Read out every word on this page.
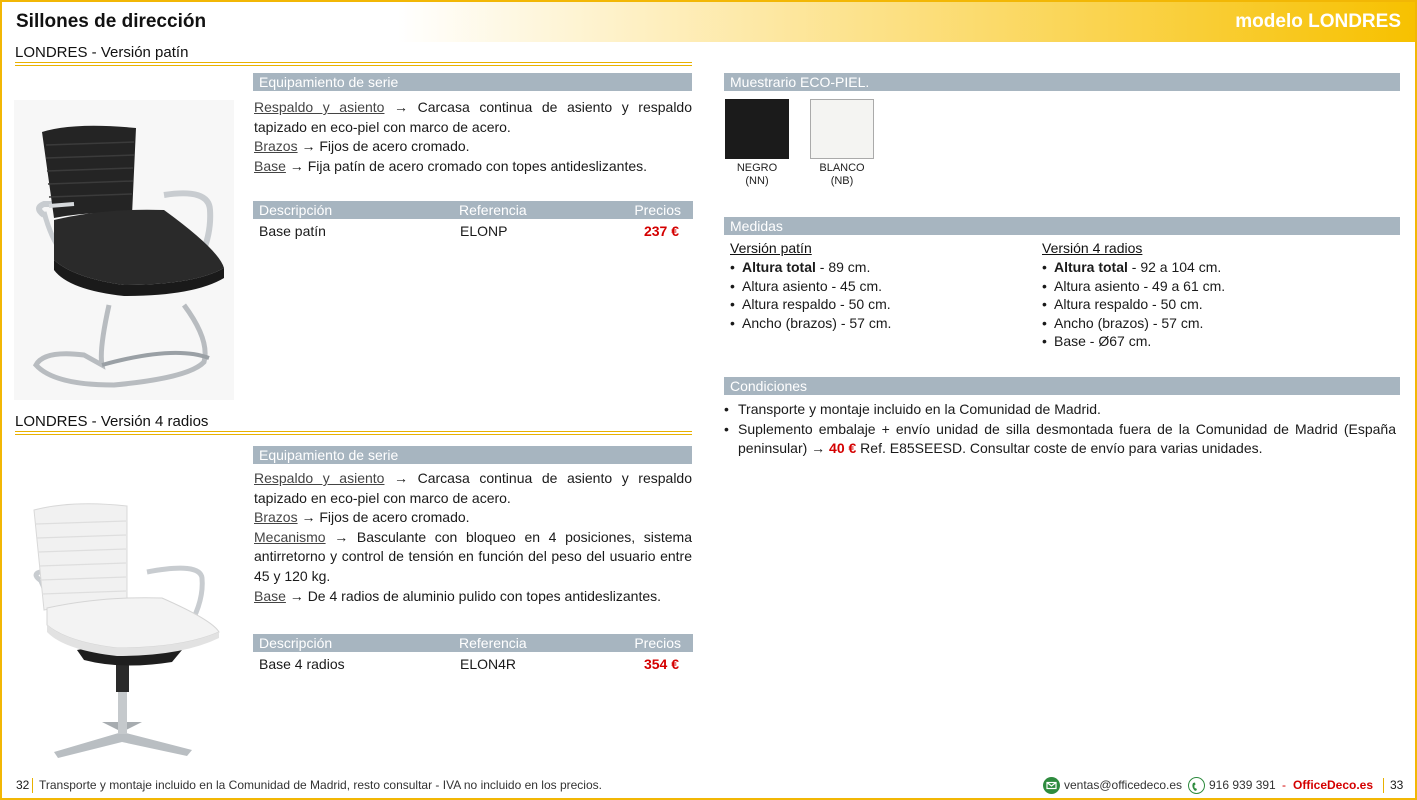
Sillones de dirección	modelo LONDRES
LONDRES - Versión patín
Equipamiento de serie
Respaldo y asiento → Carcasa continua de asiento y respaldo tapizado en eco-piel con marco de acero.
Brazos → Fijos de acero cromado.
Base → Fija patín de acero cromado con topes antideslizantes.
Descripción	Referencia	Precios
Base patín	ELONP	237 €
LONDRES - Versión 4 radios
Equipamiento de serie
Respaldo y asiento → Carcasa continua de asiento y respaldo tapizado en eco-piel con marco de acero.
Brazos → Fijos de acero cromado.
Mecanismo → Basculante con bloqueo en 4 posiciones, sistema antirretorno y control de tensión en función del peso del usuario entre 45 y 120 kg.
Base → De 4 radios de aluminio pulido con topes antideslizantes.
Descripción	Referencia	Precios
Base 4 radios	ELON4R	354 €
Muestrario ECO-PIEL.
NEGRO
(NN)
BLANCO
(NB)
Medidas
Versión patín
• Altura total - 89 cm.
• Altura asiento - 45 cm.
• Altura respaldo - 50 cm.
• Ancho (brazos) - 57 cm.
Versión 4 radios
• Altura total - 92 a 104 cm.
• Altura asiento - 49 a 61 cm.
• Altura respaldo - 50 cm.
• Ancho (brazos) - 57 cm.
• Base - Ø67 cm.
Condiciones
• Transporte y montaje incluido en la Comunidad de Madrid.
• Suplemento embalaje + envío unidad de silla desmontada fuera de la Comunidad de Madrid (España peninsular) → 40 € Ref. E85SEESD. Consultar coste de envío para varias unidades.
32 Transporte y montaje incluido en la Comunidad de Madrid, resto consultar - IVA no incluido en los precios.	ventas@officedeco.es 916 939 391 - OfficeDeco.es 33
